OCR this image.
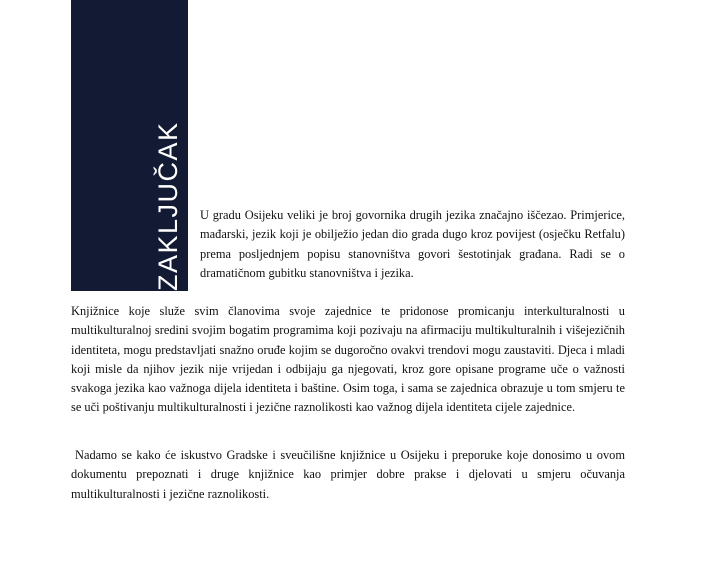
ZAKLJUČAK U gradu Osijeku veliki je broj govornika drugih jezika značajno iščezao. Primjerice, mađarski, jezik koji je obilježio jedan dio grada dugo kroz povijest (osječku Retfalu) prema posljednjem popisu stanovništva govori šestotinjak građana. Radi se o dramatičnom gubitku stanovništva i jezika.

Knjižnice koje služe svim članovima svoje zajednice te pridonose promicanju interkulturalnosti u multikulturalnoj sredini svojim bogatim programima koji pozivaju na afirmaciju multikulturalnih i višejezičnih identiteta, mogu predstavljati snažno oruđe kojim se dugoročno ovakvi trendovi mogu zaustaviti. Djeca i mladi koji misle da njihov jezik nije vrijedan i odbijaju ga njegovati, kroz gore opisane programe uče o važnosti svakoga jezika kao važnoga dijela identiteta i baštine. Osim toga, i sama se zajednica obrazuje u tom smjeru te se uči poštivanju multikulturalnosti i jezične raznolikosti kao važnog dijela identiteta cijele zajednice.

Nadamo se kako će iskustvo Gradske i sveučilišne knjižnice u Osijeku i preporuke koje donosimo u ovom dokumentu prepoznati i druge knjižnice kao primjer dobre prakse i djelovati u smjeru očuvanja multikulturalnosti i jezične raznolikosti.
